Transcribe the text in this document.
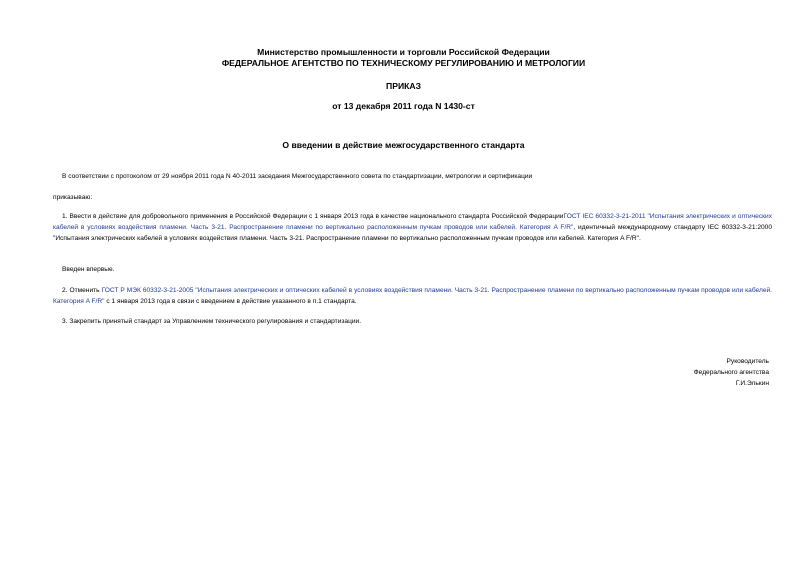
Министерство промышленности и торговли Российской Федерации
ФЕДЕРАЛЬНОЕ АГЕНТСТВО ПО ТЕХНИЧЕСКОМУ РЕГУЛИРОВАНИЮ И МЕТРОЛОГИИ
ПРИКАЗ
от 13 декабря 2011 года N 1430-ст
О введении в действие межгосударственного стандарта
В соответствии с протоколом от 29 ноября 2011 года N 40-2011 заседания Межгосударственного совета по стандартизации, метрологии и сертификации
приказываю:
1. Ввести в действие для добровольного применения в Российской Федерации с 1 января 2013 года в качестве национального стандарта Российской ФедерацииГОСТ IEC 60332-3-21-2011 "Испытания электрических и оптических кабелей в условиях воздействия пламени. Часть 3-21. Распространение пламени по вертикально расположенным пучкам проводов или кабелей. Категория A F/R", идентичный международному стандарту IEC 60332-3-21:2000 "Испытания электрических кабелей в условиях воздействия пламени. Часть 3-21. Распространение пламени по вертикально расположенным пучкам проводов или кабелей. Категория A F/R".
Введен впервые.
2. Отменить ГОСТ Р МЭК 60332-3-21-2005 "Испытания электрических и оптических кабелей в условиях воздействия пламени. Часть 3-21. Распространение пламени по вертикально расположенным пучкам проводов или кабелей. Категория A F/R" с 1 января 2013 года в связи с введением в действие указанного в п.1 стандарта.
3. Закрепить принятый стандарт за Управлением технического регулирования и стандартизации.
Руководитель
Федерального агентства
Г.И.Элькин
